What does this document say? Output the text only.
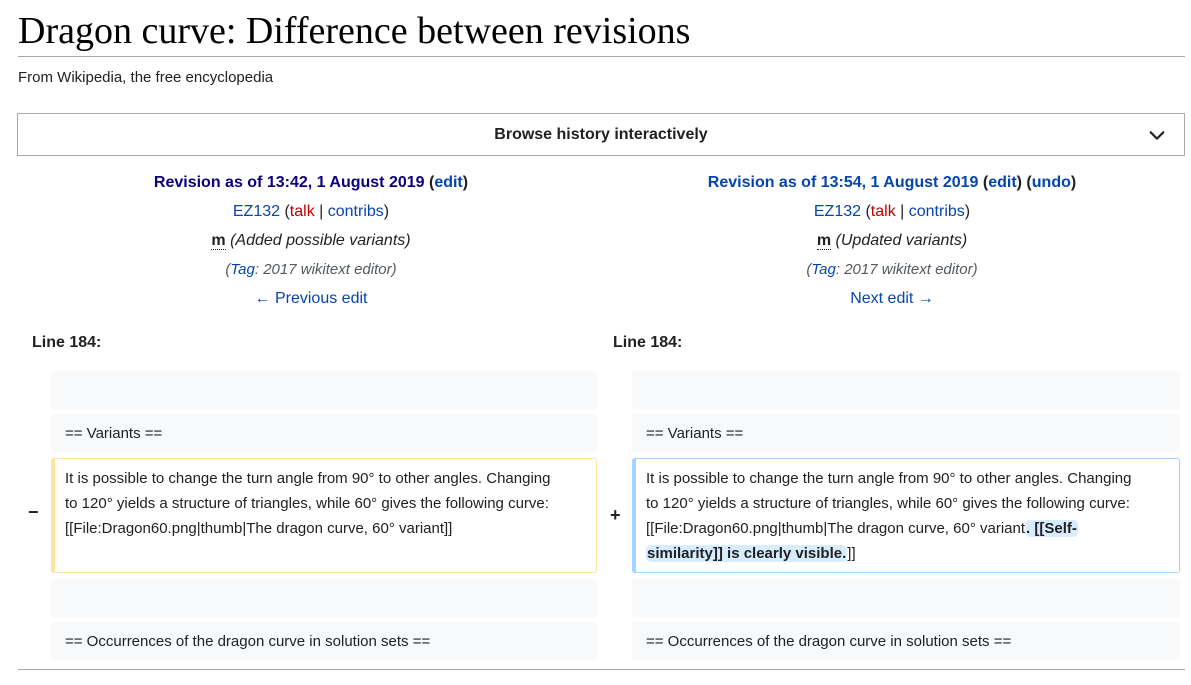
Dragon curve: Difference between revisions
From Wikipedia, the free encyclopedia
Browse history interactively
Revision as of 13:42, 1 August 2019 (edit)
EZ132 (talk | contribs)
m (Added possible variants)
(Tag: 2017 wikitext editor)
← Previous edit
Revision as of 13:54, 1 August 2019 (edit) (undo)
EZ132 (talk | contribs)
m (Updated variants)
(Tag: 2017 wikitext editor)
Next edit →
Line 184:	Line 184:
== Variants ==
It is possible to change the turn angle from 90° to other angles. Changing
to 120° yields a structure of triangles, while 60° gives the following curve:
[[File:Dragon60.png|thumb|The dragon curve, 60° variant]]
== Occurrences of the dragon curve in solution sets ==
−	+
== Variants ==
It is possible to change the turn angle from 90° to other angles. Changing
to 120° yields a structure of triangles, while 60° gives the following curve:
[[File:Dragon60.png|thumb|The dragon curve, 60° variant. [[Self-
similarity]] is clearly visible.]]
== Occurrences of the dragon curve in solution sets ==
